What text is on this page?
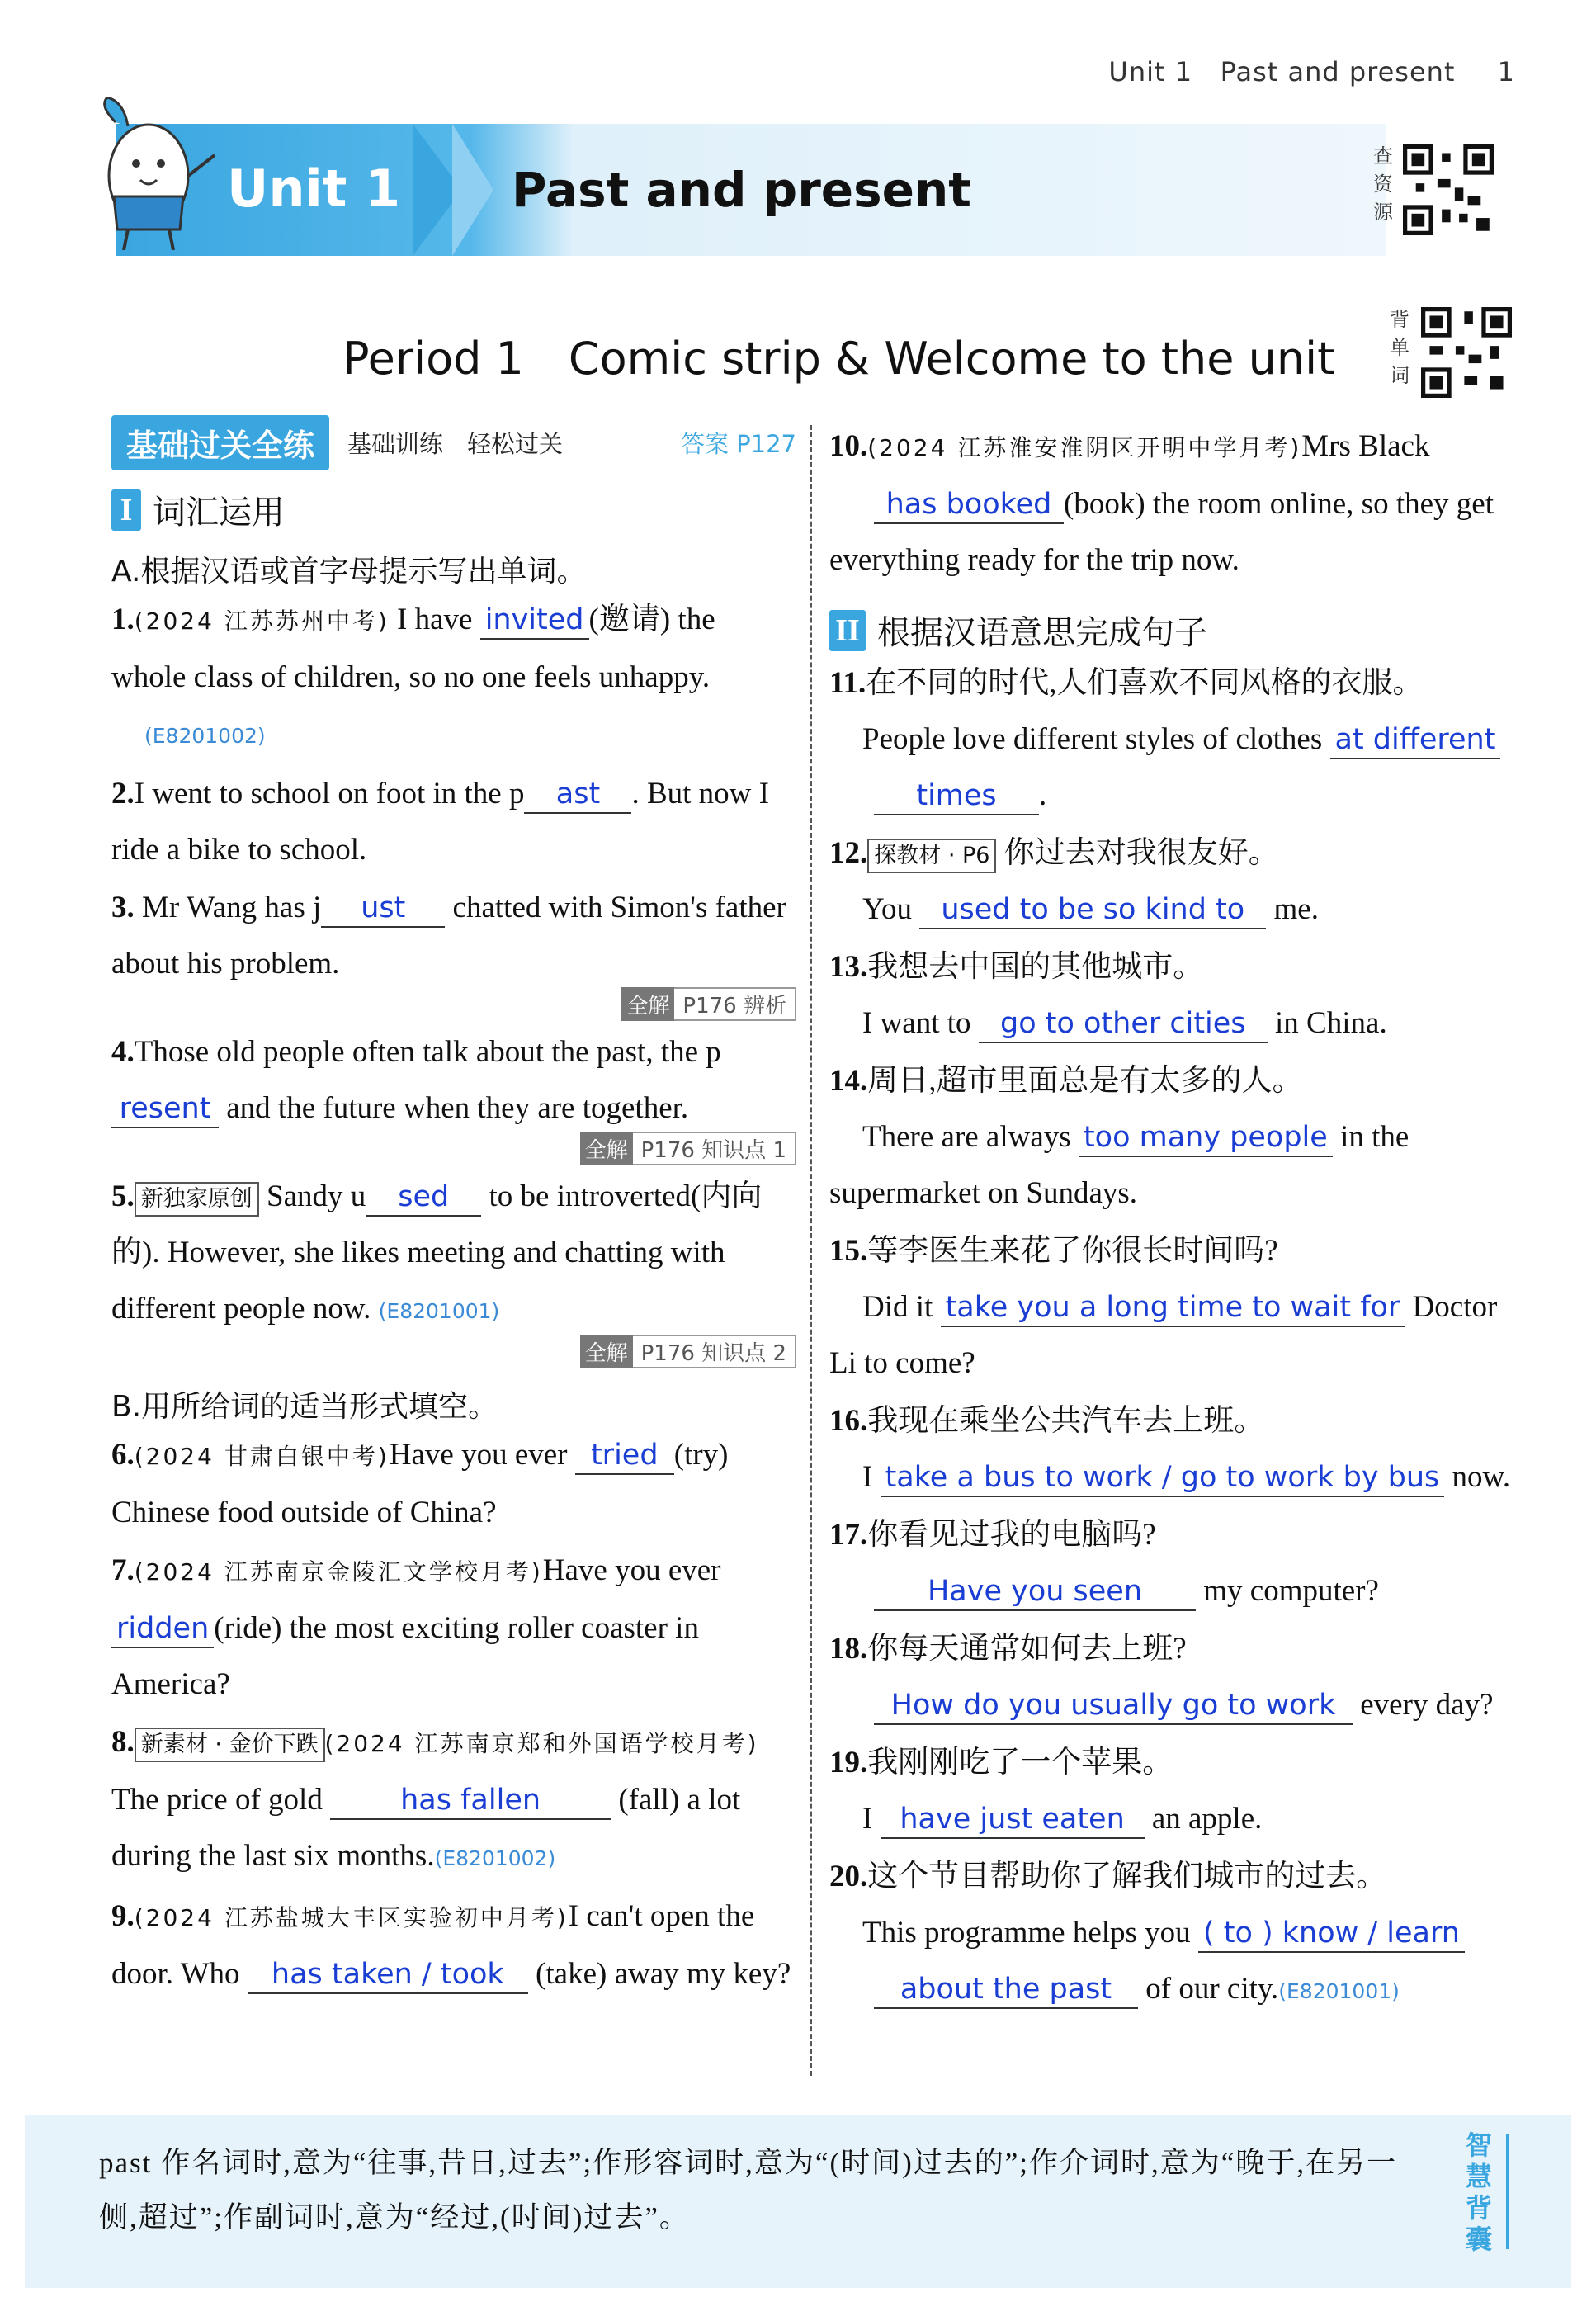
Unit 1 Past and present 1
Unit 1 Past and present
查
资
源
背
单
词
Period 1　Comic strip & Welcome to the unit
基础过关全练	基础训练　轻松过关	答案 P127
I 词汇运用
A.根据汉语或首字母提示写出单词。
1.(2024 江苏苏州中考) I have invited (邀请) the whole class of children, so no one feels unhappy.
(E8201002)
2.I went to school on foot in the p ast . But now I ride a bike to school.
3. Mr Wang has j ust chatted with Simon's father about his problem.
全解 P176 辨析
4.Those old people often talk about the past, the present and the future when they are together.
全解 P176 知识点 1
5. 新独家原创 Sandy u sed to be introverted(内向的). However, she likes meeting and chatting with different people now. (E8201001)
全解 P176 知识点 2
B.用所给词的适当形式填空。
6.(2024 甘肃白银中考)Have you ever tried (try) Chinese food outside of China?
7.(2024 江苏南京金陵汇文学校月考)Have you ever ridden (ride) the most exciting roller coaster in America?
8. 新素材 · 金价下跌 (2024 江苏南京郑和外国语学校月考) The price of gold	has fallen	(fall) a lot during the last six months.(E8201002)
9.(2024 江苏盐城大丰区实验初中月考)I can't open the door. Who has taken / took (take) away my key?
10.(2024 江苏淮安淮阴区开明中学月考)Mrs Black
has booked (book) the room online, so they get everything ready for the trip now.
II 根据汉语意思完成句子
11.在不同的时代,人们喜欢不同风格的衣服。
People love different styles of clothes at different
times .
12. 探教材 · P6 你过去对我很友好。
You used to be so kind to me.
13.我想去中国的其他城市。
I want to go to other cities in China.
14.周日,超市里面总是有太多的人。
There are always too many people in the supermarket on Sundays.
15.等李医生来花了你很长时间吗?
Did it take you a long time to wait for Doctor Li to come?
16.我现在乘坐公共汽车去上班。
I take a bus to work / go to work by bus now.
17.你看见过我的电脑吗?
Have you seen my computer?
18.你每天通常如何去上班?
How do you usually go to work every day?
19.我刚刚吃了一个苹果。
I have just eaten an apple.
20.这个节目帮助你了解我们城市的过去。
This programme helps you ( to ) know / learn
about the past of our city.(E8201001)
past 作名词时,意为“往事,昔日,过去”;作形容词时,意为“(时间)过去的”;作介词时,意为“晚于,在另一侧,超过”;作副词时,意为“经过,(时间)过去”。
智慧背囊
